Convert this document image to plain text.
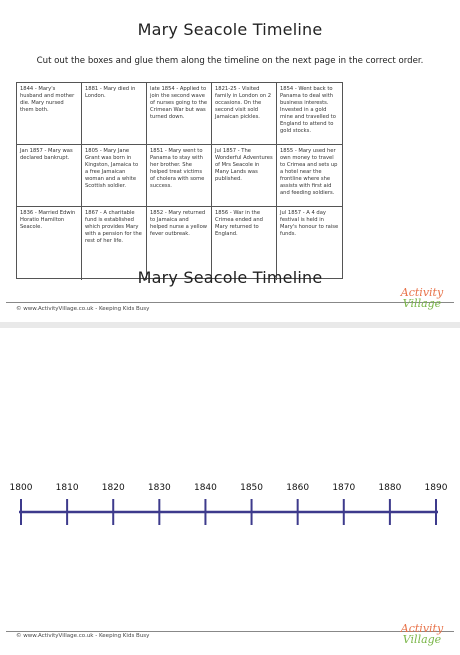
Mary Seacole Timeline
Cut out the boxes and glue them along the timeline on the next page in the correct order.
1844 - Mary's husband and mother die. Mary nursed them both.
1881 - Mary died in London.
late 1854 - Applied to join the second wave of nurses going to the Crimean War but was turned down.
1821-25 - Visited family in London on 2 occasions. On the second visit sold Jamaican pickles.
1854 - Went back to Panama to deal with business interests. Invested in a gold mine and travelled to England to attend to gold stocks.
Jan 1857 - Mary was declared bankrupt.
1805 - Mary Jane Grant was born in Kingston, Jamaica to a free Jamaican woman and a white Scottish soldier.
1851 - Mary went to Panama to stay with her brother. She helped treat victims of cholera with some success.
Jul 1857 - The Wonderful Adventures of Mrs Seacole in Many Lands was published.
1855 - Mary used her own money to travel to Crimea and sets up a hotel near the frontline where she assists with first aid and feeding soldiers.
1836 - Married Edwin Horatio Hamilton Seacole.
1867 - A charitable fund is established which provides Mary with a pension for the rest of her life.
1852 - Mary returned to Jamaica and helped nurse a yellow fever outbreak.
1856 - War in the Crimea ended and Mary returned to England.
Jul 1857 - A 4 day festival is held in Mary's honour to raise funds.
© www.ActivityVillage.co.uk - Keeping Kids Busy
Activity
Village
1800	1810	1820	1830	1840	1850	1860	1870	1880	1890
© www.ActivityVillage.co.uk - Keeping Kids Busy
Activity
Village
Mary Seacole Timeline
